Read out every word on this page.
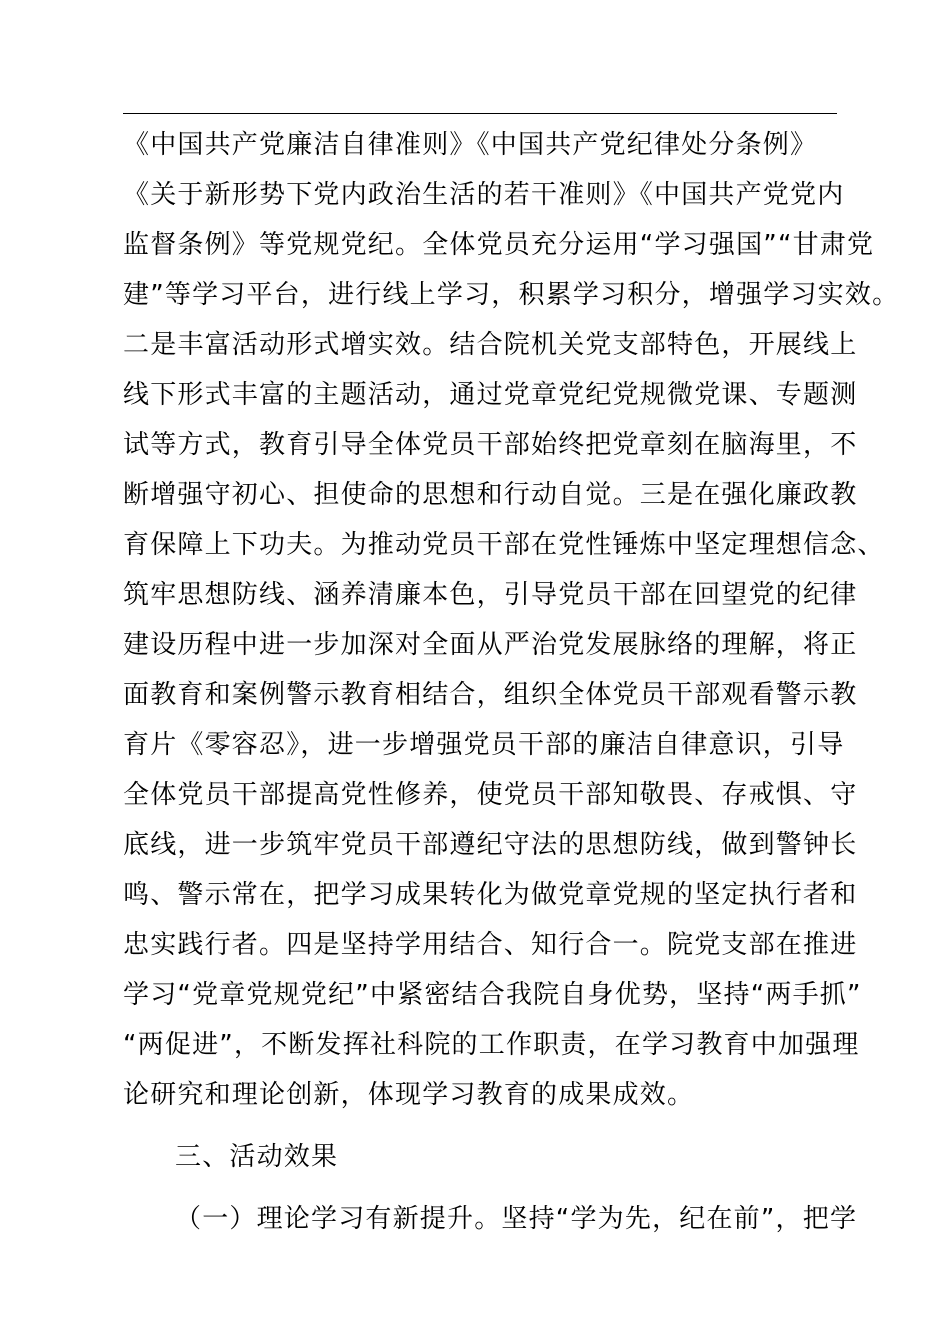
《中国共产党廉洁自律准则》《中国共产党纪律处分条例》
《关于新形势下党内政治生活的若干准则》《中国共产党党内
监督条例》等党规党纪。全体党员充分运用“学习强国”“甘肃党
建”等学习平台，进行线上学习，积累学习积分，增强学习实效。
二是丰富活动形式增实效。结合院机关党支部特色，开展线上
线下形式丰富的主题活动，通过党章党纪党规微党课、专题测
试等方式，教育引导全体党员干部始终把党章刻在脑海里，不
断增强守初心、担使命的思想和行动自觉。三是在强化廉政教
育保障上下功夫。为推动党员干部在党性锤炼中坚定理想信念、
筑牢思想防线、涵养清廉本色，引导党员干部在回望党的纪律
建设历程中进一步加深对全面从严治党发展脉络的理解，将正
面教育和案例警示教育相结合，组织全体党员干部观看警示教
育片《零容忍》，进一步增强党员干部的廉洁自律意识，引导
全体党员干部提高党性修养，使党员干部知敬畏、存戒惧、守
底线，进一步筑牢党员干部遵纪守法的思想防线，做到警钟长
鸣、警示常在，把学习成果转化为做党章党规的坚定执行者和
忠实践行者。四是坚持学用结合、知行合一。院党支部在推进
学习“党章党规党纪”中紧密结合我院自身优势，坚持“两手抓”
“两促进”，不断发挥社科院的工作职责，在学习教育中加强理
论研究和理论创新，体现学习教育的成果成效。
三、活动效果
（一）理论学习有新提升。坚持“学为先，纪在前”，把学
